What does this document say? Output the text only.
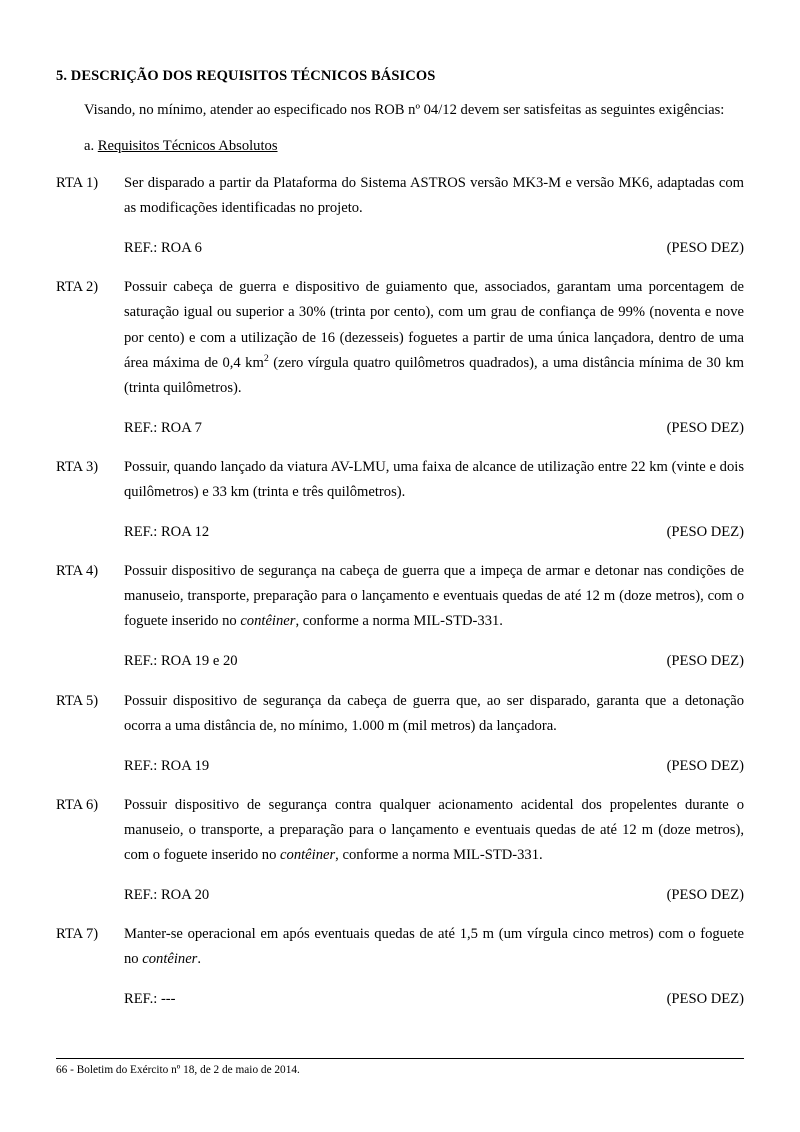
5. DESCRIÇÃO DOS REQUISITOS TÉCNICOS BÁSICOS

Visando, no mínimo, atender ao especificado nos ROB nº 04/12 devem ser satisfeitas as seguintes exigências:

a. Requisitos Técnicos Absolutos

RTA 1)	Ser disparado a partir da Plataforma do Sistema ASTROS versão MK3-M e versão MK6, adaptadas com as modificações identificadas no projeto.

REF.: ROA 6	(PESO DEZ)
RTA 2)	Possuir cabeça de guerra e dispositivo de guiamento que, associados, garantam uma porcentagem de saturação igual ou superior a 30% (trinta por cento), com um grau de confiança de 99% (noventa e nove por cento) e com a utilização de 16 (dezesseis) foguetes a partir de uma única lançadora, dentro de uma área máxima de 0,4 $km^2$ (zero vírgula quatro quilômetros quadrados), a uma distância mínima de 30 km (trinta quilômetros).

REF.: ROA 7	(PESO DEZ)
RTA 3)	Possuir, quando lançado da viatura AV-LMU, uma faixa de alcance de utilização entre 22 km (vinte e dois quilômetros) e 33 km (trinta e três quilômetros).

REF.: ROA 12	(PESO DEZ)
RTA 4)	Possuir dispositivo de segurança na cabeça de guerra que a impeça de armar e detonar nas condições de manuseio, transporte, preparação para o lançamento e eventuais quedas de até 12 m (doze metros), com o foguete inserido no contêiner, conforme a norma MIL-STD-331.

REF.: ROA 19 e 20	(PESO DEZ)
RTA 5)	Possuir dispositivo de segurança da cabeça de guerra que, ao ser disparado, garanta que a detonação ocorra a uma distância de, no mínimo, 1.000 m (mil metros) da lançadora.

REF.: ROA 19	(PESO DEZ)
RTA 6)	Possuir dispositivo de segurança contra qualquer acionamento acidental dos propelentes durante o manuseio, o transporte, a preparação para o lançamento e eventuais quedas de até 12 m (doze metros), com o foguete inserido no contêiner, conforme a norma MIL-STD-331.

REF.: ROA 20	(PESO DEZ)
RTA 7)	Manter-se operacional em após eventuais quedas de até 1,5 m (um vírgula cinco metros) com o foguete no contêiner.

REF.: ---	(PESO DEZ)
66 - Boletim do Exército nº 18, de 2 de maio de 2014.
